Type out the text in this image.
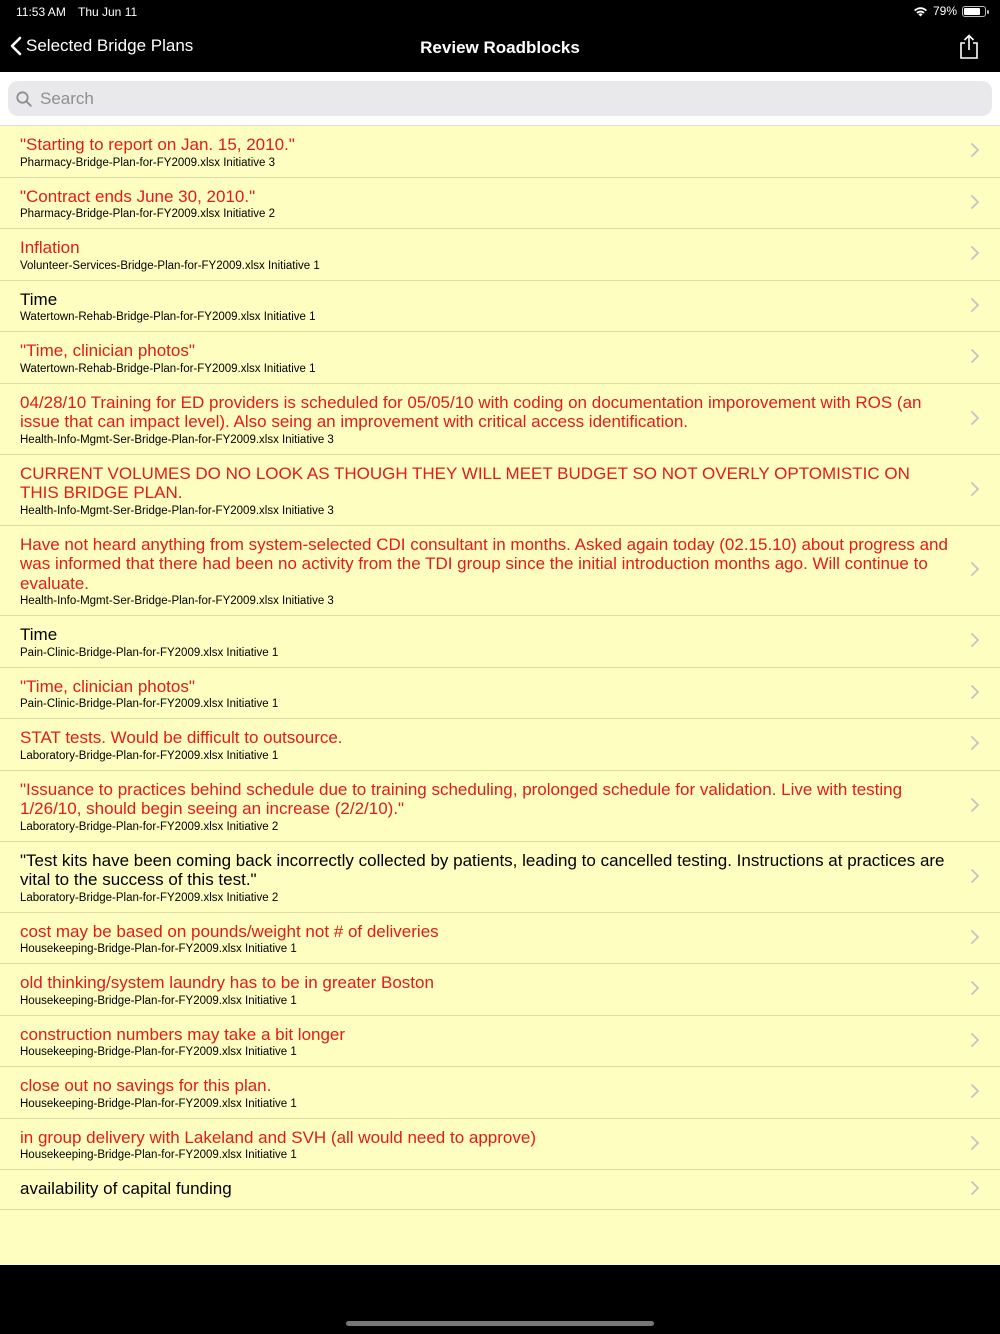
11:53 AM Thu Jun 11	79%
Selected Bridge Plans	Review Roadblocks
Search
"Starting to report on Jan. 15, 2010."
Pharmacy-Bridge-Plan-for-FY2009.xlsx Initiative 3
"Contract ends June 30, 2010."
Pharmacy-Bridge-Plan-for-FY2009.xlsx Initiative 2
Inflation
Volunteer-Services-Bridge-Plan-for-FY2009.xlsx Initiative 1
Time
Watertown-Rehab-Bridge-Plan-for-FY2009.xlsx Initiative 1
"Time, clinician photos"
Watertown-Rehab-Bridge-Plan-for-FY2009.xlsx Initiative 1
04/28/10 Training for ED providers is scheduled for 05/05/10 with coding on documentation imporovement with ROS (an issue that can impact level). Also seing an improvement with critical access identification.
Health-Info-Mgmt-Ser-Bridge-Plan-for-FY2009.xlsx Initiative 3
CURRENT VOLUMES DO NO LOOK AS THOUGH THEY WILL MEET BUDGET SO NOT OVERLY OPTOMISTIC ON THIS BRIDGE PLAN.
Health-Info-Mgmt-Ser-Bridge-Plan-for-FY2009.xlsx Initiative 3
Have not heard anything from system-selected CDI consultant in months. Asked again today (02.15.10) about progress and was informed that there had been no activity from the TDI group since the initial introduction months ago. Will continue to evaluate.
Health-Info-Mgmt-Ser-Bridge-Plan-for-FY2009.xlsx Initiative 3
Time
Pain-Clinic-Bridge-Plan-for-FY2009.xlsx Initiative 1
"Time, clinician photos"
Pain-Clinic-Bridge-Plan-for-FY2009.xlsx Initiative 1
STAT tests. Would be difficult to outsource.
Laboratory-Bridge-Plan-for-FY2009.xlsx Initiative 1
"Issuance to practices behind schedule due to training scheduling, prolonged schedule for validation. Live with testing 1/26/10, should begin seeing an increase (2/2/10)."
Laboratory-Bridge-Plan-for-FY2009.xlsx Initiative 2
"Test kits have been coming back incorrectly collected by patients, leading to cancelled testing. Instructions at practices are vital to the success of this test."
Laboratory-Bridge-Plan-for-FY2009.xlsx Initiative 2
cost may be based on pounds/weight not # of deliveries
Housekeeping-Bridge-Plan-for-FY2009.xlsx Initiative 1
old thinking/system laundry has to be in greater Boston
Housekeeping-Bridge-Plan-for-FY2009.xlsx Initiative 1
construction numbers may take a bit longer
Housekeeping-Bridge-Plan-for-FY2009.xlsx Initiative 1
close out no savings for this plan.
Housekeeping-Bridge-Plan-for-FY2009.xlsx Initiative 1
in group delivery with Lakeland and SVH (all would need to approve)
Housekeeping-Bridge-Plan-for-FY2009.xlsx Initiative 1
availability of capital funding
